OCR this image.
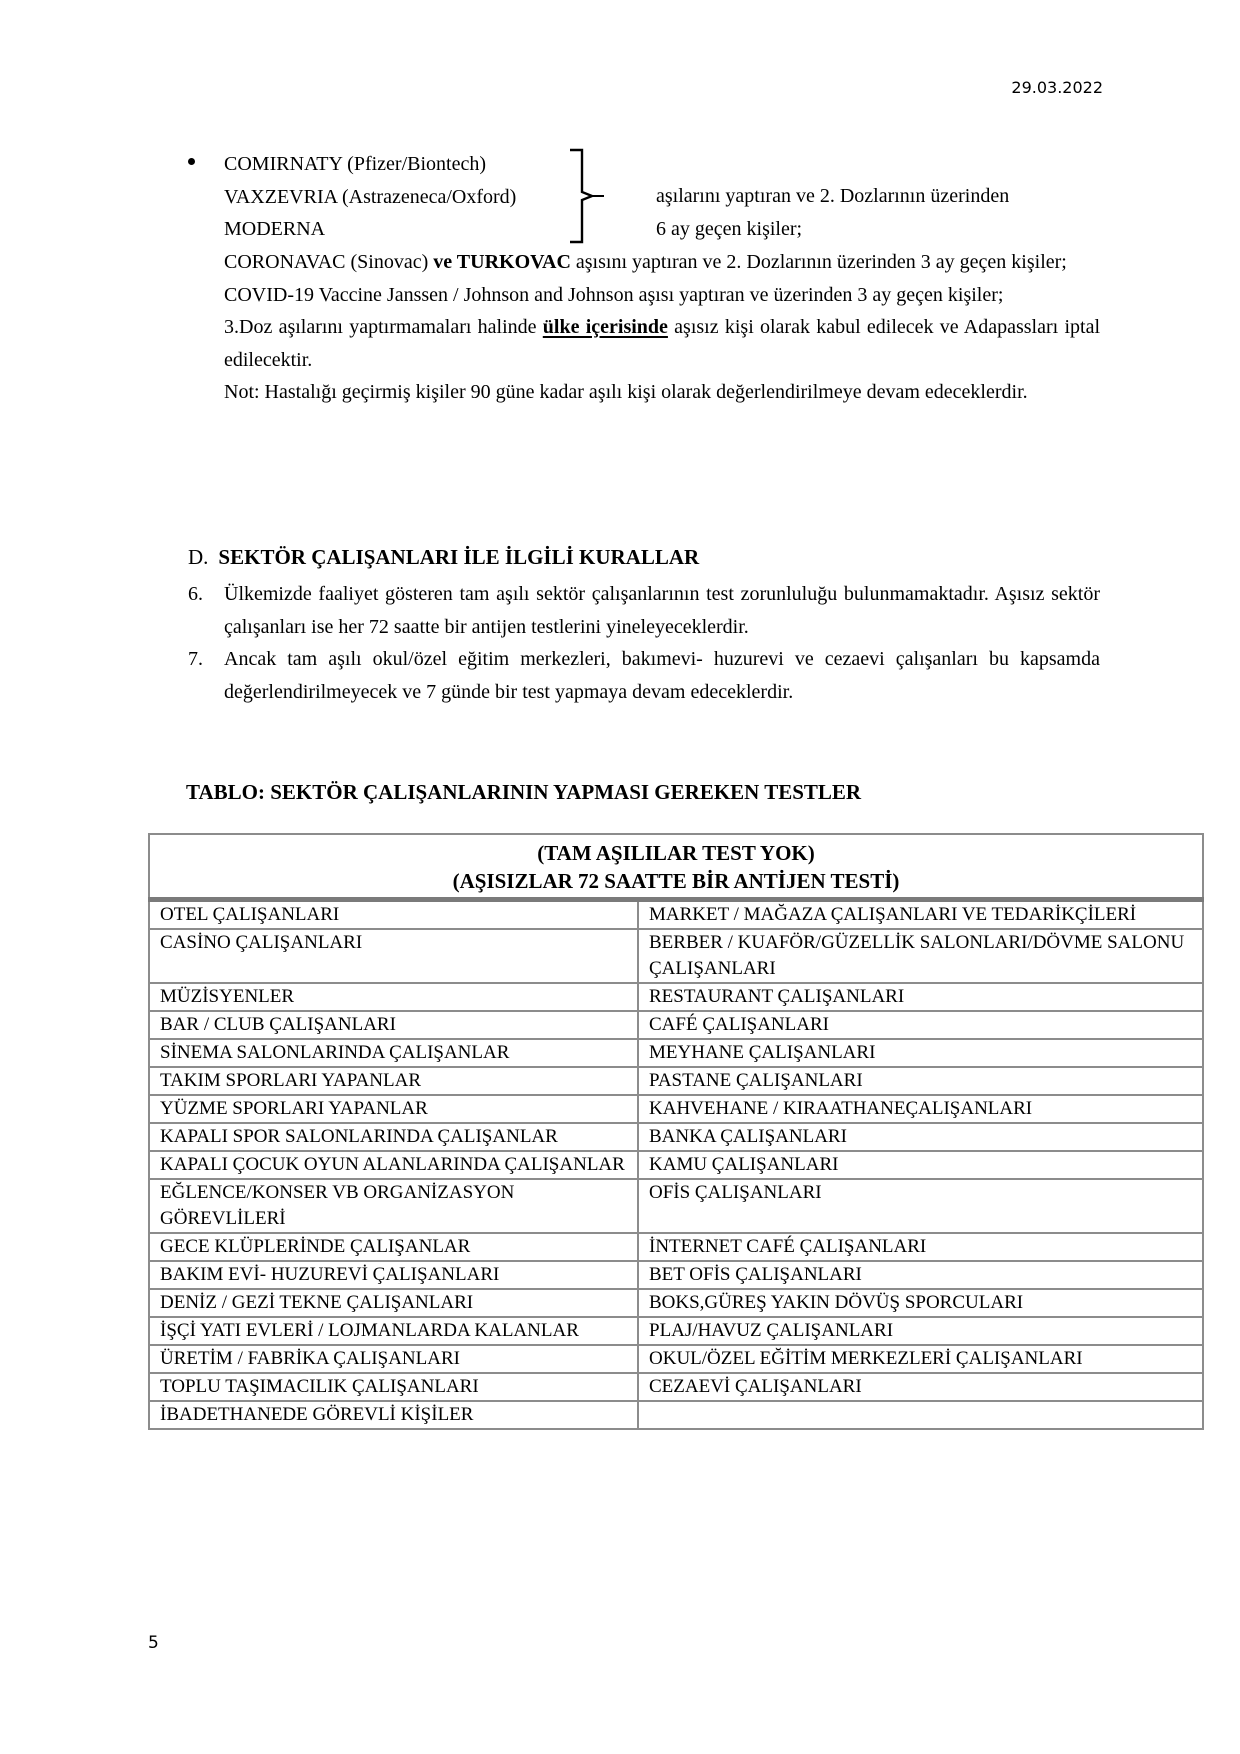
29.03.2022
COMIRNATY (Pfizer/Biontech)
VAXZEVRIA (Astrazeneca/Oxford)
MODERNA
aşılarını yaptıran ve 2. Dozlarının üzerinden
6 ay geçen kişiler;

CORONAVAC (Sinovac) ve TURKOVAC aşısını yaptıran ve 2. Dozlarının üzerinden 3 ay geçen kişiler;

COVID-19 Vaccine Janssen / Johnson and Johnson aşısı yaptıran ve üzerinden 3 ay geçen kişiler;

3.Doz aşılarını yaptırmamaları halinde ülke içerisinde aşısız kişi olarak kabul edilecek ve Adapassları iptal edilecektir.

Not: Hastalığı geçirmiş kişiler 90 güne kadar aşılı kişi olarak değerlendirilmeye devam edeceklerdir.

D. SEKTÖR ÇALIŞANLARI İLE İLGİLİ KURALLAR
6. Ülkemizde faaliyet gösteren tam aşılı sektör çalışanlarının test zorunluluğu bulunmamaktadır. Aşısız sektör çalışanları ise her 72 saatte bir antijen testlerini yineleyeceklerdir.
7. Ancak tam aşılı okul/özel eğitim merkezleri, bakımevi- huzurevi ve cezaevi çalışanları bu kapsamda değerlendirilmeyecek ve 7 günde bir test yapmaya devam edeceklerdir.
TABLO: SEKTÖR ÇALIŞANLARININ YAPMASI GEREKEN TESTLER
(TAM AŞILILAR TEST YOK)
(AŞISIZLAR 72 SAATTE BİR ANTİJEN TESTİ)	

OTEL ÇALIŞANLARI	MARKET / MAĞAZA ÇALIŞANLARI VE TEDARİKÇİLERİ
CASİNO ÇALIŞANLARI	BERBER / KUAFÖR/GÜZELLİK SALONLARI/DÖVME SALONU ÇALIŞANLARI
MÜZİSYENLER	RESTAURANT ÇALIŞANLARI
BAR / CLUB ÇALIŞANLARI	CAFÉ ÇALIŞANLARI
SİNEMA SALONLARINDA ÇALIŞANLAR	MEYHANE ÇALIŞANLARI
TAKIM SPORLARI YAPANLAR	PASTANE ÇALIŞANLARI
YÜZME SPORLARI YAPANLAR	KAHVEHANE / KIRAATHANEÇALIŞANLARI
KAPALI SPOR SALONLARINDA ÇALIŞANLAR	BANKA ÇALIŞANLARI
KAPALI ÇOCUK OYUN ALANLARINDA ÇALIŞANLAR	KAMU ÇALIŞANLARI
EĞLENCE/KONSER VB ORGANİZASYON GÖREVLİLERİ	OFİS ÇALIŞANLARI
GECE KLÜPLERİNDE ÇALIŞANLAR	İNTERNET CAFÉ ÇALIŞANLARI
BAKIM EVİ- HUZUREVİ ÇALIŞANLARI	BET OFİS ÇALIŞANLARI
DENİZ / GEZİ TEKNE ÇALIŞANLARI	BOKS,GÜREŞ YAKIN DÖVÜŞ SPORCULARI
İŞÇİ YATI EVLERİ / LOJMANLARDA KALANLAR	PLAJ/HAVUZ ÇALIŞANLARI
ÜRETİM / FABRİKA ÇALIŞANLARI	OKUL/ÖZEL EĞİTİM MERKEZLERİ ÇALIŞANLARI
TOPLU TAŞIMACILIK ÇALIŞANLARI	CEZAEVİ ÇALIŞANLARI
İBADETHANEDE GÖREVLİ KİŞİLER	
5
